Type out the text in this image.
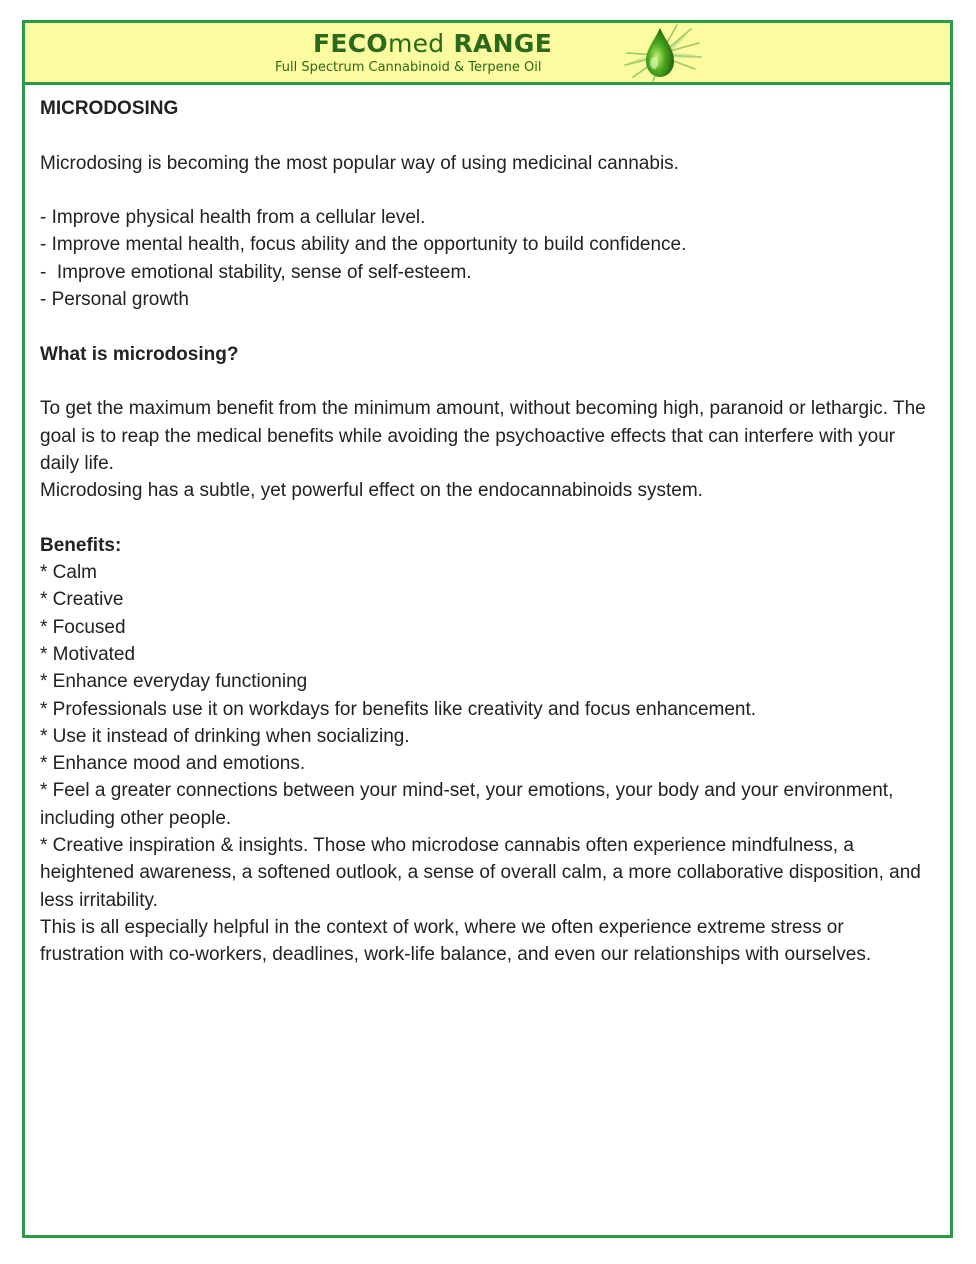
FECOmed RANGE
Full Spectrum Cannabinoid & Terpene Oil

MICRODOSING

Microdosing is becoming the most popular way of using medicinal cannabis.

- Improve physical health from a cellular level.

- Improve mental health, focus ability and the opportunity to build confidence.

-  Improve emotional stability, sense of self-esteem.

- Personal growth

What is microdosing?

To get the maximum benefit from the minimum amount, without becoming high, paranoid or lethargic. The goal is to reap the medical benefits while avoiding the psychoactive effects that can interfere with your daily life.

Microdosing has a subtle, yet powerful effect on the endocannabinoids system.

Benefits:

* Calm

* Creative

* Focused

* Motivated

* Enhance everyday functioning

* Professionals use it on workdays for benefits like creativity and focus enhancement.

* Use it instead of drinking when socializing.

* Enhance mood and emotions.

* Feel a greater connections between your mind-set, your emotions, your body and your environment, including other people.

* Creative inspiration & insights. Those who microdose cannabis often experience mindfulness, a heightened awareness, a softened outlook, a sense of overall calm, a more collaborative disposition, and less irritability.

This is all especially helpful in the context of work, where we often experience extreme stress or frustration with co-workers, deadlines, work-life balance, and even our relationships with ourselves.
